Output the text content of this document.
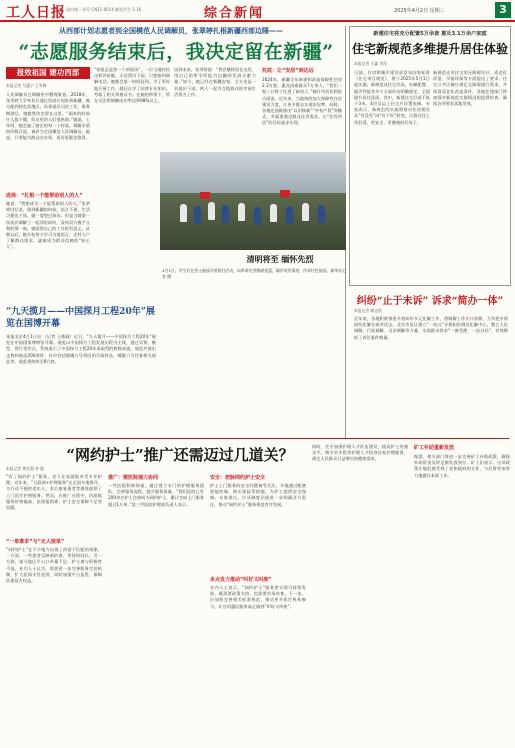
工人日报 国内统一刊号 CN11-0014 邮发代号 1-16	综合新闻	2025年4月2日 星期三	3
从西部计划志愿者到全国模范人民调解员，张翠婷扎根新疆西部边陲——
“志愿服务结束后，我决定留在新疆”
报效祖国 建功西部
本报记者 马惠宁 王冬梅
人民调解员在调解室中整理案卷。2018年，张翠婷大学毕业后通过西部计划来到新疆，被分配到阿克苏地区，从事基层司法工作。服务期满后，她毅然决定留在这里。“刚来的时候什么都不懂，但这里的人们很热情。”她说。七年间，她走遍了辖区的每一个村落，调解矛盾纠纷数百起，被评为全国模范人民调解员。她说，只要能为群众办实事，再苦再累也值得。
选择：“扎根一个能帮助别人的人”
她说：“我想成为一个能帮助别人的人。”张翠婷回忆说，刚到新疆的时候，语言不通，生活习惯也不同，她一度想过放弃。但是当她第一次成功调解了一起邻里纠纷，看到双方握手言和的那一刻，她觉得自己的工作很有意义。从那以后，她开始努力学习当地语言，走村入户了解群众需求，逐渐成为群众信赖的“贴心人”。
“张姐总是第一个到现场”，一位当地村民这样评价她。无论刮风下雨，只要接到调解电话，她都会第一时间赶到。为了更好地开展工作，她还自学了法律专业知识，考取了相关资格证书。在她的带领下，所在司法所调解成功率达到98%以上。
谈到未来，张翠婷说：“我会继续留在这里，用自己的所学所能为边疆的发展贡献力量。”如今，她已经在新疆安家，丈夫也是一名基层干部。两人一起为当地群众的幸福生活努力工作。
托底：让“安居”到达远
2024年，新疆全年新建和改造保障性住房2.3万套，惠及困难群众7万余人。“我们一家三口终于住进了新房子。”喀什市居民阿依古丽说。近年来，当地持续加大保障性住房建设力度，让更多群众实现安居梦。同时，各地还创新推出“以旧换新”“共有产权”等模式，多渠道满足群众住房需求，让“住有所居”的目标逐步实现。
“九天揽月——中国探月工程20年”展览在国博开幕
本报北京4月1日电 （记者 王维砚）近日，“九天揽月——中国探月工程20年”展览在中国国家博物馆开幕。展览以中国探月工程发展历程为主线，通过实物、模型、图片等形式，系统展示了中国探月工程20年来取得的辉煌成就。展览共展出文物和展品200余件，其中包括嫦娥五号带回的月球样品、嫦娥六号任务相关展品等。展览将持续至8月底。
清明将至 缅怀先烈
4月1日，学生们在烈士陵园开展祭扫活动，向革命先烈敬献花篮，缅怀英烈事迹，传承红色基因。新华社记者 摄
新建住宅将充分配置5万余套 惠及3.1万余户家庭
住宅新规范多维提升居住体验
本报记者 王鑫 李萍
日前，住房和城乡建设部发布国家标准《住宅项目规范》，将于2025年5月1日起实施。新规范从住宅层高、电梯配置、隔声性能等多个方面作出明确规定，全面提升居住品质。其中，新建住宅层高不低于3米，4层及以上住宅应设置电梯。专家表示，新规范的实施将推动住房建设从“有没有”向“好不好”转变，让群众住上更舒适、更安全、更健康的好房子。
新规范还对住宅的无障碍设计、适老化改造、节能环保等方面提出了要求。住宅公共区域应满足无障碍通行需求，并预留适老化改造条件。各地住建部门将加强对新规范实施情况的监督检查，确保各项要求落地见效。
纠纷“止于未诉” 诉求“简办一体”
本报记者 赖志凯
近年来，各地积极推进矛盾纠纷多元化解工作，将调解工作关口前移，力争把矛盾纠纷化解在萌芽状态。北京市某区建立“一站式”矛盾纠纷调处化解中心，整合人民调解、行政调解、司法调解等力量，实现群众诉求“一窗受理、一站办结”，有效降低了诉讼案件数量。
“网约护士”推广还需迈过几道关？
本报记者 黄仕强 李 婕
“有了网约护士”服务，老人在家就能享受专业护理。近年来，“互联网+护理服务”在全国多地推开，为行动不便的老年人、术后康复患者等群体提供了上门医疗护理服务。然而，在推广过程中，仍面临服务价格偏高、医保报销难、护士安全保障不足等问题。
“一单难求”与“无人接单”
“网约护士”在不少地方出现了供需不匹配的现象。一方面，一些患者反映预约难、等待时间长；另一方面，部分地区平台订单量不足，护士参与积极性不高。业内人士认为，需要进一步完善服务定价机制，扩大医保支付范围，同时加强平台监管，保障医患双方权益。
推广：需医院通力协同
一些医院积极探索，通过建立专门的护理服务团队，完善服务流程，提升服务质量。“我们医院已有200余名护士注册成为网约护士，累计完成上门服务超过1万单。”某三甲医院护理部负责人表示。
安全：把脉网约护士安全
护士上门服务的安全问题备受关注。多地通过配备智能终端、购买保险等措施，为护士提供安全保障。专家建议，应从制度层面进一步明确各方责任，推动“网约护士”服务规范有序发展。
多点发力推动“叫好又叫座”
业内人士表示，“网约护士”服务要实现可持续发展，既需要政策支持，也需要市场培育。下一步，应加快完善相关标准规范，推动更多医疗机构参与，让这项惠民服务真正做到“叫好又叫座”。
同时，还应加强护理人才队伍建设，提高护士待遇水平，吸引更多优秀护理人才投身居家护理服务，满足人民群众日益增长的健康需求。
矿工补助重新发放
据悉，相关部门将进一步完善矿工补助政策，确保补助资金及时足额发放到位。矿工们表示，这项政策让他们感受到了党和政府的关怀，今后将更加努力地做好本职工作。
